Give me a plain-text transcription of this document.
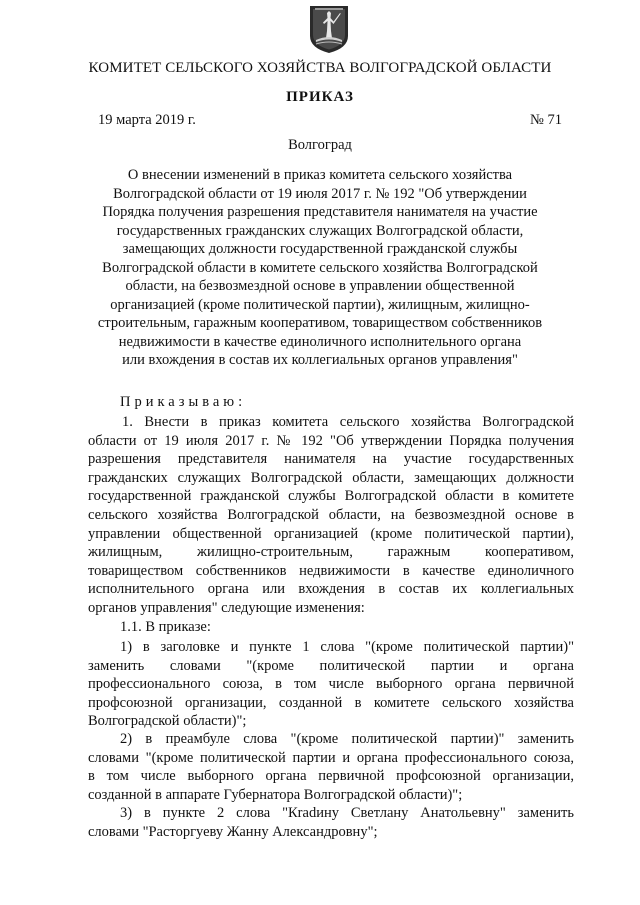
КОМИТЕТ СЕЛЬСКОГО ХОЗЯЙСТВА ВОЛГОГРАДСКОЙ ОБЛАСТИ
ПРИКАЗ
19 марта 2019 г.	№ 71
Волгоград
О внесении изменений в приказ комитета сельского хозяйства
Волгоградской области от 19 июля 2017 г. № 192 "Об утверждении
Порядка получения разрешения представителя нанимателя на участие
государственных гражданских служащих Волгоградской области,
замещающих должности государственной гражданской службы
Волгоградской области в комитете сельского хозяйства Волгоградской
области, на безвозмездной основе в управлении общественной
организацией (кроме политической партии), жилищным, жилищно-
строительным, гаражным кооперативом, товариществом собственников
недвижимости в качестве единоличного исполнительного органа
или вхождения в состав их коллегиальных органов управления"
Приказываю:
1. Внести в приказ комитета сельского хозяйства Волгоградской
области от 19 июля 2017 г. № 192 "Об утверждении Порядка получения
разрешения представителя нанимателя на участие государственных
гражданских служащих Волгоградской области, замещающих должности
государственной гражданской службы Волгоградской области в комитете
сельского хозяйства Волгоградской области, на безвозмездной основе в
управлении общественной организацией (кроме политической партии),
жилищным, жилищно-строительным, гаражным кооперативом,
товариществом собственников недвижимости в качестве единоличного
исполнительного органа или вхождения в состав их коллегиальных
органов управления" следующие изменения:
1.1. В приказе:
1) в заголовке и пункте 1 слова "(кроме политической партии)"
заменить словами "(кроме политической партии и органа
профессионального союза, в том числе выборного органа первичной
профсоюзной организации, созданной в комитете сельского хозяйства
Волгоградской области)";
2) в преамбуле слова "(кроме политической партии)" заменить
словами "(кроме политической партии и органа профессионального союза,
в том числе выборного органа первичной профсоюзной организации,
созданной в аппарате Губернатора Волгоградской области)";
3) в пункте 2 слова "Кradину Светлану Анатольевну" заменить
словами "Расторгуеву Жанну Александровну";
